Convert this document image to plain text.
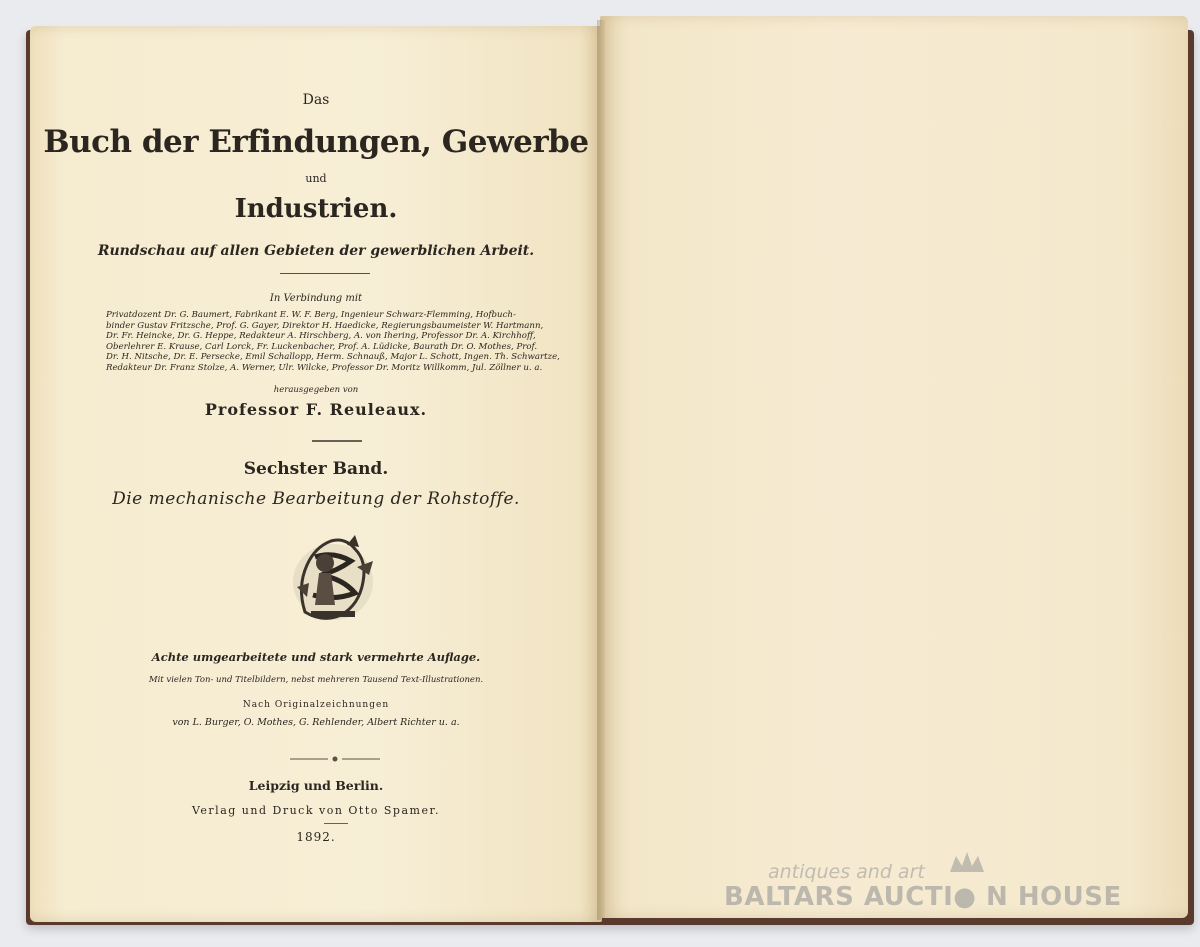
Das
Buch der Erfindungen, Gewerbe
und
Industrien.
Rundschau auf allen Gebieten der gewerblichen Arbeit.
In Verbindung mit
Privatdozent Dr. G. Baumert, Fabrikant E. W. F. Berg, Ingenieur Schwarz-Flemming, Hofbuch-
binder Gustav Fritzsche, Prof. G. Gayer, Direktor H. Haedicke, Regierungsbaumeister W. Hartmann,
Dr. Fr. Heincke, Dr. G. Heppe, Redakteur A. Hirschberg, A. von Ihering, Professor Dr. A. Kirchhoff,
Oberlehrer E. Krause, Carl Lorck, Fr. Luckenbacher, Prof. A. Lüdicke, Baurath Dr. O. Mothes, Prof.
Dr. H. Nitsche, Dr. E. Persecke, Emil Schallopp, Herm. Schnauß, Major L. Schott, Ingen. Th. Schwartze,
Redakteur Dr. Franz Stolze, A. Werner, Ulr. Wilcke, Professor Dr. Moritz Willkomm, Jul. Zöllner u. a.
herausgegeben von
Professor F. Reuleaux.
Sechster Band.
Die mechanische Bearbeitung der Rohstoffe.
Achte umgearbeitete und stark vermehrte Auflage.
Mit vielen Ton- und Titelbildern, nebst mehreren Tausend Text-Illustrationen.
Nach Originalzeichnungen
von L. Burger, O. Mothes, G. Rehlender, Albert Richter u. a.
Leipzig und Berlin.
Verlag und Druck von Otto Spamer.
1892.
antiques and art
BALTARS AUCTI● N HOUSE
